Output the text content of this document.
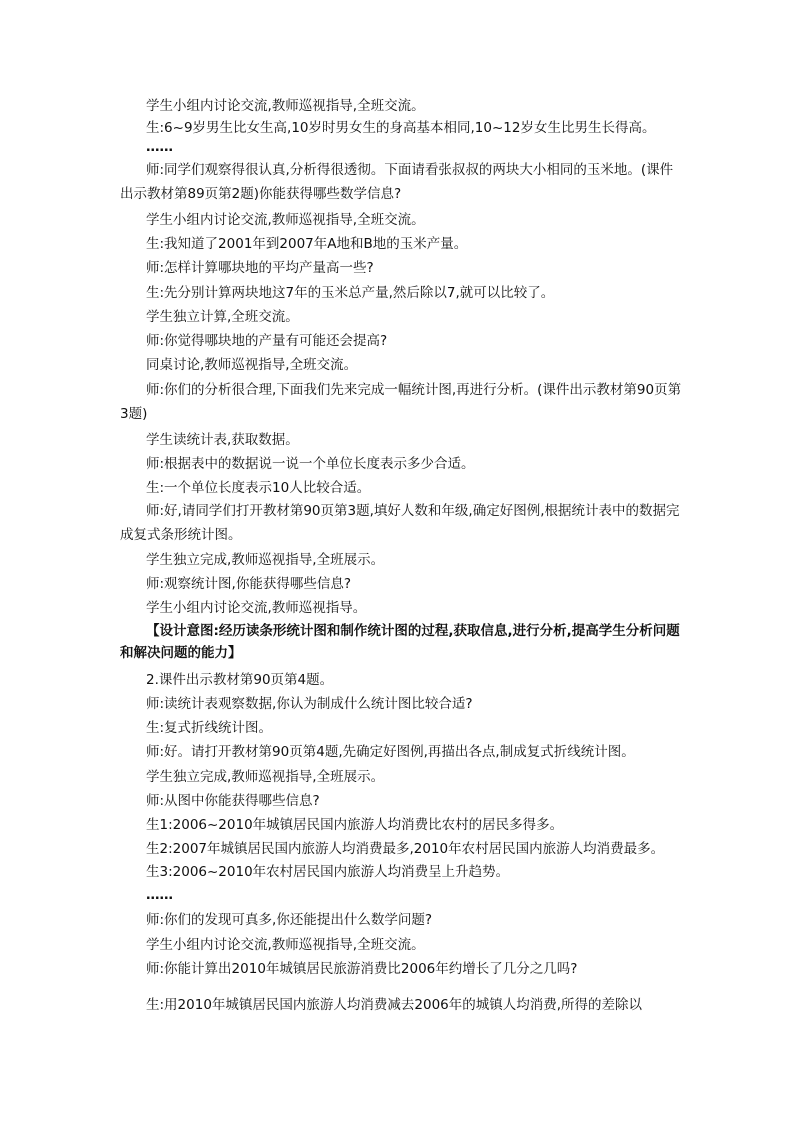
学生小组内讨论交流,教师巡视指导,全班交流。
生:6~9岁男生比女生高,10岁时男女生的身高基本相同,10~12岁女生比男生长得高。
……
师:同学们观察得很认真,分析得很透彻。下面请看张叔叔的两块大小相同的玉米地。(课件出示教材第89页第2题)你能获得哪些数学信息?
学生小组内讨论交流,教师巡视指导,全班交流。
生:我知道了2001年到2007年A地和B地的玉米产量。
师:怎样计算哪块地的平均产量高一些?
生:先分别计算两块地这7年的玉米总产量,然后除以7,就可以比较了。
学生独立计算,全班交流。
师:你觉得哪块地的产量有可能还会提高?
同桌讨论,教师巡视指导,全班交流。
师:你们的分析很合理,下面我们先来完成一幅统计图,再进行分析。(课件出示教材第90页第3题)
学生读统计表,获取数据。
师:根据表中的数据说一说一个单位长度表示多少合适。
生:一个单位长度表示10人比较合适。
师:好,请同学们打开教材第90页第3题,填好人数和年级,确定好图例,根据统计表中的数据完成复式条形统计图。
学生独立完成,教师巡视指导,全班展示。
师:观察统计图,你能获得哪些信息?
学生小组内讨论交流,教师巡视指导。
【设计意图:经历读条形统计图和制作统计图的过程,获取信息,进行分析,提高学生分析问题和解决问题的能力】
2.课件出示教材第90页第4题。
师:读统计表观察数据,你认为制成什么统计图比较合适?
生:复式折线统计图。
师:好。请打开教材第90页第4题,先确定好图例,再描出各点,制成复式折线统计图。
学生独立完成,教师巡视指导,全班展示。
师:从图中你能获得哪些信息?
生1:2006~2010年城镇居民国内旅游人均消费比农村的居民多得多。
生2:2007年城镇居民国内旅游人均消费最多,2010年农村居民国内旅游人均消费最多。
生3:2006~2010年农村居民国内旅游人均消费呈上升趋势。
……
师:你们的发现可真多,你还能提出什么数学问题?
学生小组内讨论交流,教师巡视指导,全班交流。
师:你能计算出2010年城镇居民旅游消费比2006年约增长了几分之几吗?
生:用2010年城镇居民国内旅游人均消费减去2006年的城镇人均消费,所得的差除以
